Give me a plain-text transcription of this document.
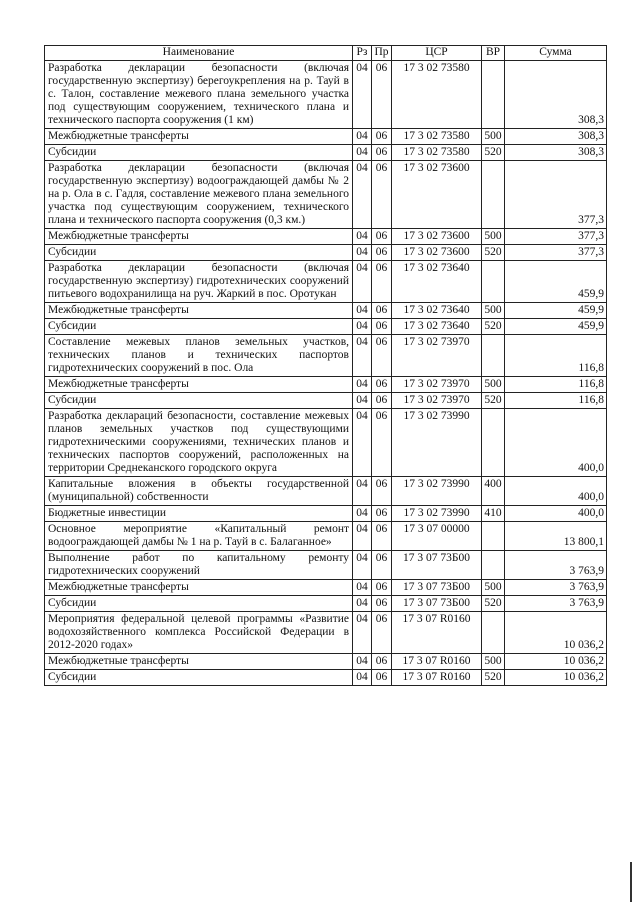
Наименование	Рз	Пр	ЦСР	ВР	Сумма
Разработка декларации безопасности (включая государственную экспертизу) берегоукрепления на р. Тауй в с. Талон, составление межевого плана земельного участка под существующим сооружением, технического плана и технического паспорта сооружения (1 км)	04	06	17 3 02 73580		308,3
Межбюджетные трансферты	04	06	17 3 02 73580	500	308,3
Субсидии	04	06	17 3 02 73580	520	308,3
Разработка декларации безопасности (включая государственную экспертизу) водоограждающей дамбы № 2 на р. Ола в с. Гадля, составление межевого плана земельного участка под существующим сооружением, технического плана и технического паспорта сооружения (0,3 км.)	04	06	17 3 02 73600		377,3
Межбюджетные трансферты	04	06	17 3 02 73600	500	377,3
Субсидии	04	06	17 3 02 73600	520	377,3
Разработка декларации безопасности (включая государственную экспертизу) гидротехнических сооружений питьевого водохранилища на руч. Жаркий в пос. Оротукан	04	06	17 3 02 73640		459,9
Межбюджетные трансферты	04	06	17 3 02 73640	500	459,9
Субсидии	04	06	17 3 02 73640	520	459,9
Составление межевых планов земельных участков, технических планов и технических паспортов гидротехнических сооружений в пос. Ола	04	06	17 3 02 73970		116,8
Межбюджетные трансферты	04	06	17 3 02 73970	500	116,8
Субсидии	04	06	17 3 02 73970	520	116,8
Разработка деклараций безопасности, составление межевых планов земельных участков под существующими гидротехническими сооружениями, технических планов и технических паспортов сооружений, расположенных на территории Среднеканского городского округа	04	06	17 3 02 73990		400,0
Капитальные вложения в объекты государственной (муниципальной) собственности	04	06	17 3 02 73990	400	400,0
Бюджетные инвестиции	04	06	17 3 02 73990	410	400,0
Основное мероприятие «Капитальный ремонт водоограждающей дамбы № 1 на р. Тауй в с. Балаганное»	04	06	17 3 07 00000		13 800,1
Выполнение работ по капитальному ремонту гидротехнических сооружений	04	06	17 3 07 73Б00		3 763,9
Межбюджетные трансферты	04	06	17 3 07 73Б00	500	3 763,9
Субсидии	04	06	17 3 07 73Б00	520	3 763,9
Мероприятия федеральной целевой программы «Развитие водохозяйственного комплекса Российской Федерации в 2012-2020 годах»	04	06	17 3 07 R0160		10 036,2
Межбюджетные трансферты	04	06	17 3 07 R0160	500	10 036,2
Субсидии	04	06	17 3 07 R0160	520	10 036,2
